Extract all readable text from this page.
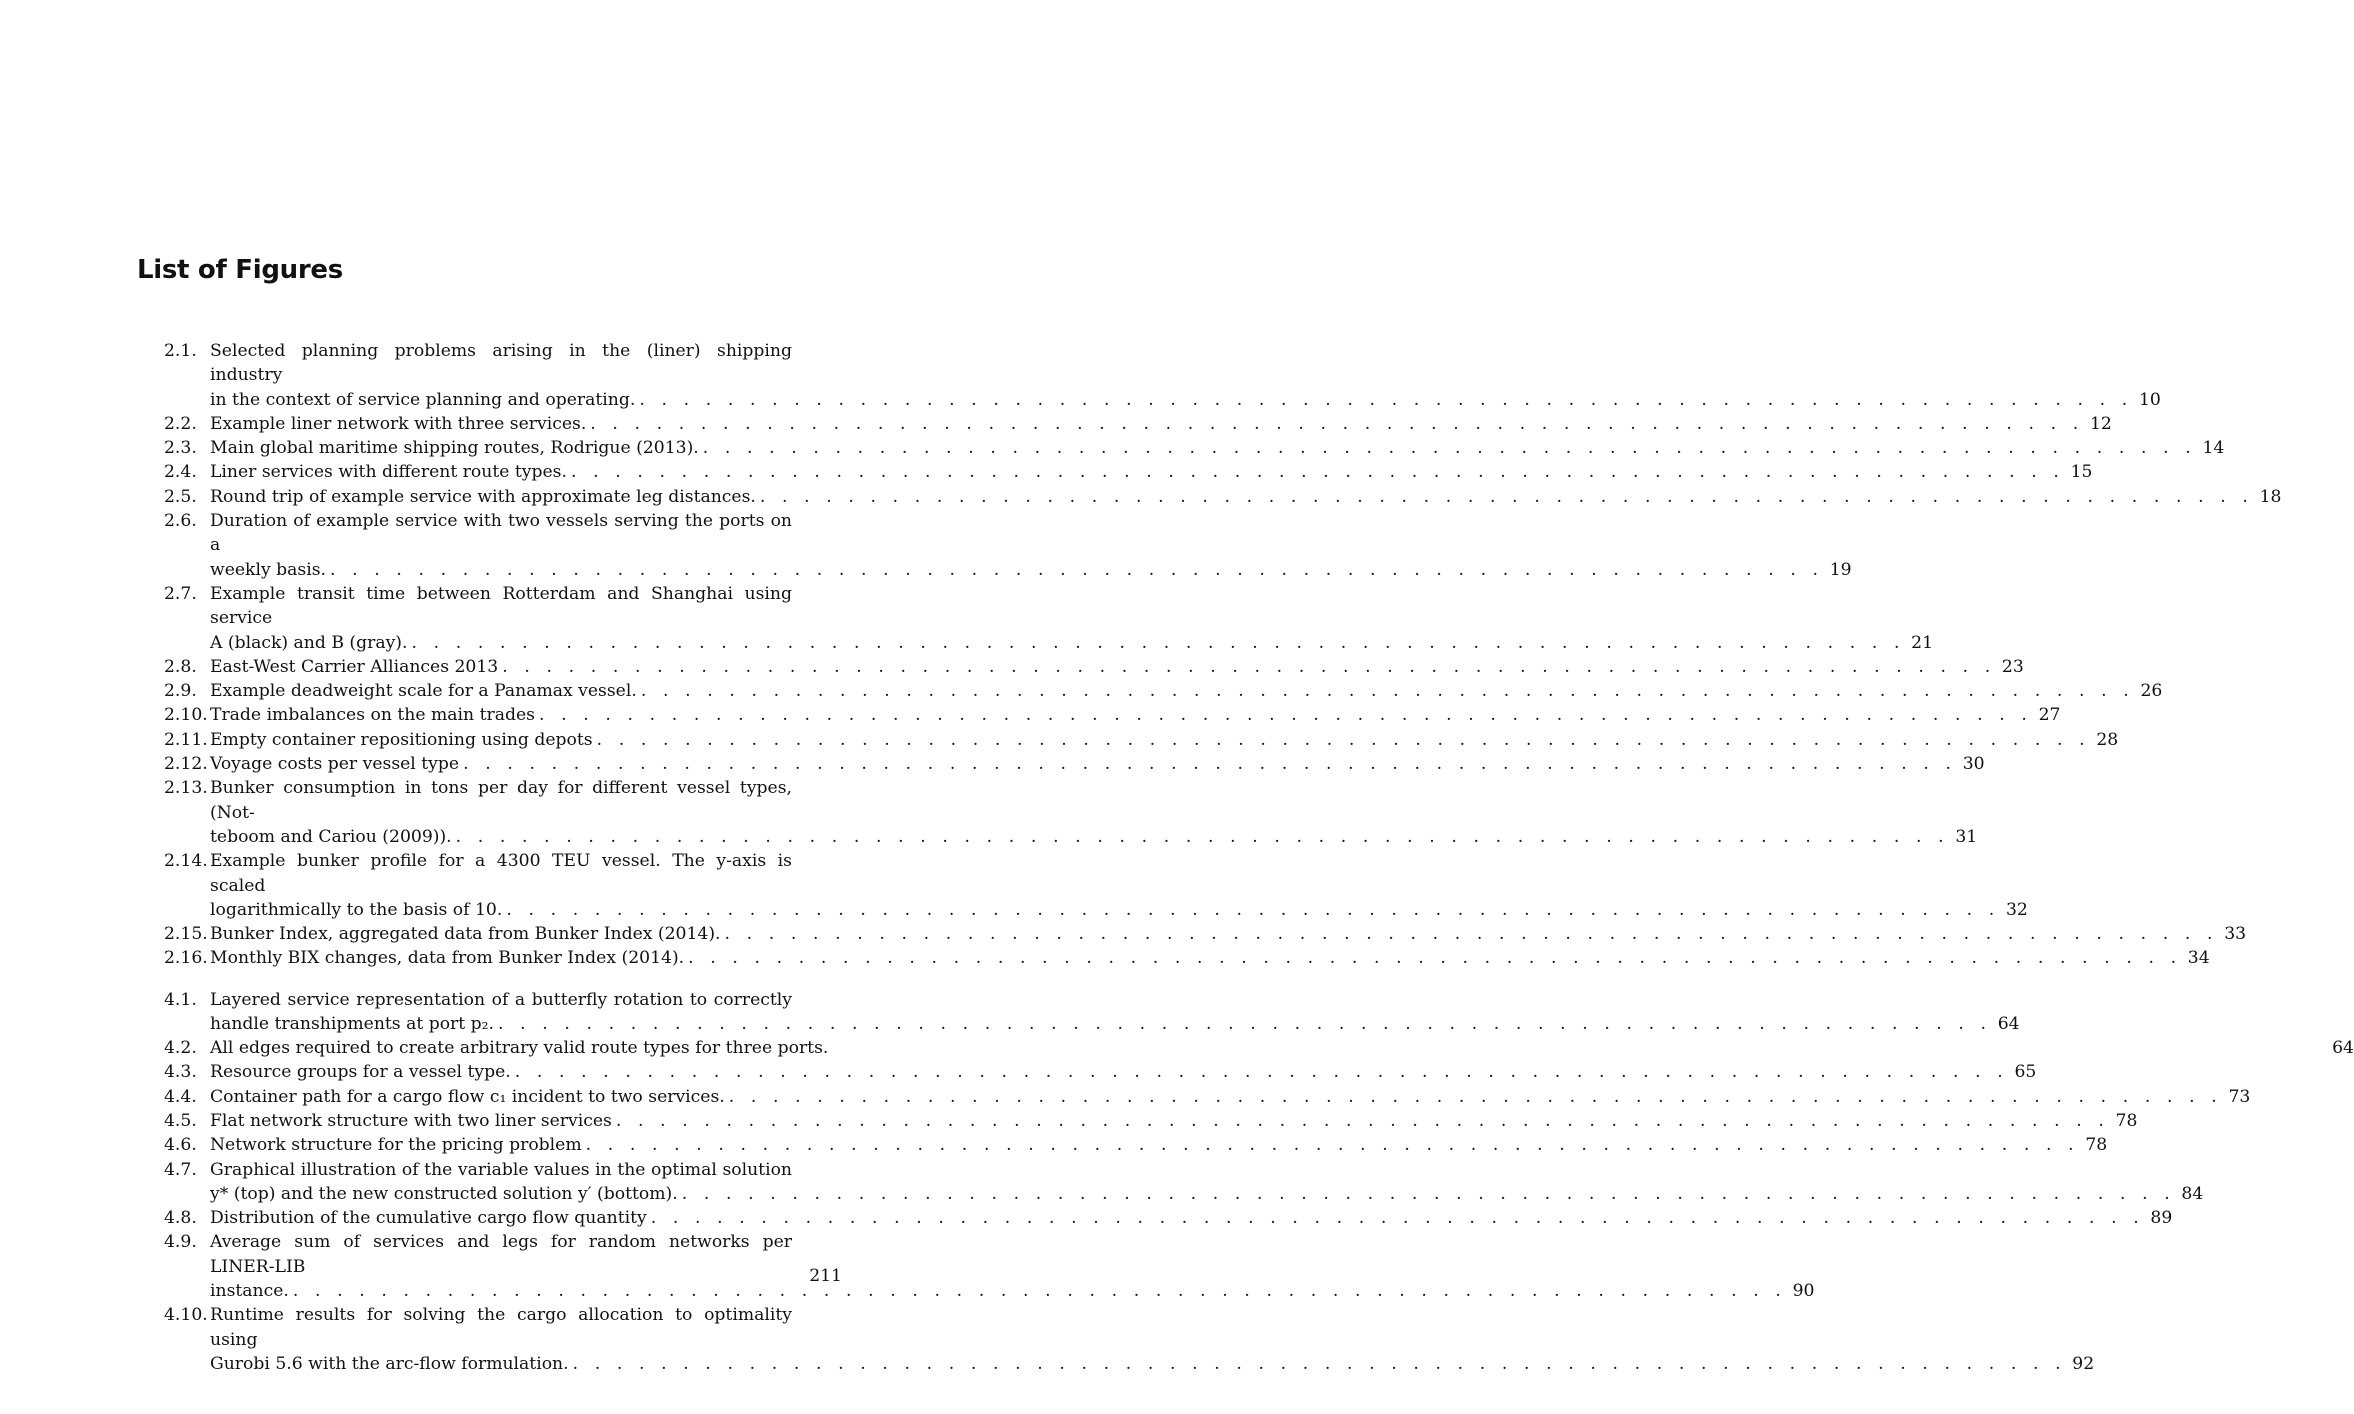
List of Figures
2.1. Selected planning problems arising in the (liner) shipping industry
in the context of service planning and operating. . . .	10
2.2. Example liner network with three services. . . .	12
2.3. Main global maritime shipping routes, Rodrigue (2013). . . .	14
2.4. Liner services with different route types. . . .	15
2.5. Round trip of example service with approximate leg distances. . . .	18
2.6. Duration of example service with two vessels serving the ports on a
weekly basis. . . .	19
2.7. Example transit time between Rotterdam and Shanghai using service
A (black) and B (gray). . . .	21
2.8. East-West Carrier Alliances 2013 . . .	23
2.9. Example deadweight scale for a Panamax vessel. . . .	26
2.10. Trade imbalances on the main trades . . .	27
2.11. Empty container repositioning using depots . . .	28
2.12. Voyage costs per vessel type . . .	30
2.13. Bunker consumption in tons per day for different vessel types, (Not-
teboom and Cariou (2009)). . . .	31
2.14. Example bunker profile for a 4300 TEU vessel. The y-axis is scaled
logarithmically to the basis of 10. . . .	32
2.15. Bunker Index, aggregated data from Bunker Index (2014). . . .	33
2.16. Monthly BIX changes, data from Bunker Index (2014). . . .	34
4.1. Layered service representation of a butterfly rotation to correctly
handle transhipments at port p₂. . . .	64
4.2. All edges required to create arbitrary valid route types for three ports.	64
4.3. Resource groups for a vessel type. . . .	65
4.4. Container path for a cargo flow c₁ incident to two services. . . .	73
4.5. Flat network structure with two liner services . . .	78
4.6. Network structure for the pricing problem . . .	78
4.7. Graphical illustration of the variable values in the optimal solution
y* (top) and the new constructed solution y′ (bottom). . . .	84
4.8. Distribution of the cumulative cargo flow quantity . . .	89
4.9. Average sum of services and legs for random networks per LINER-LIB
instance. . . .	90
4.10. Runtime results for solving the cargo allocation to optimality using
Gurobi 5.6 with the arc-flow formulation. . . .	92
211
